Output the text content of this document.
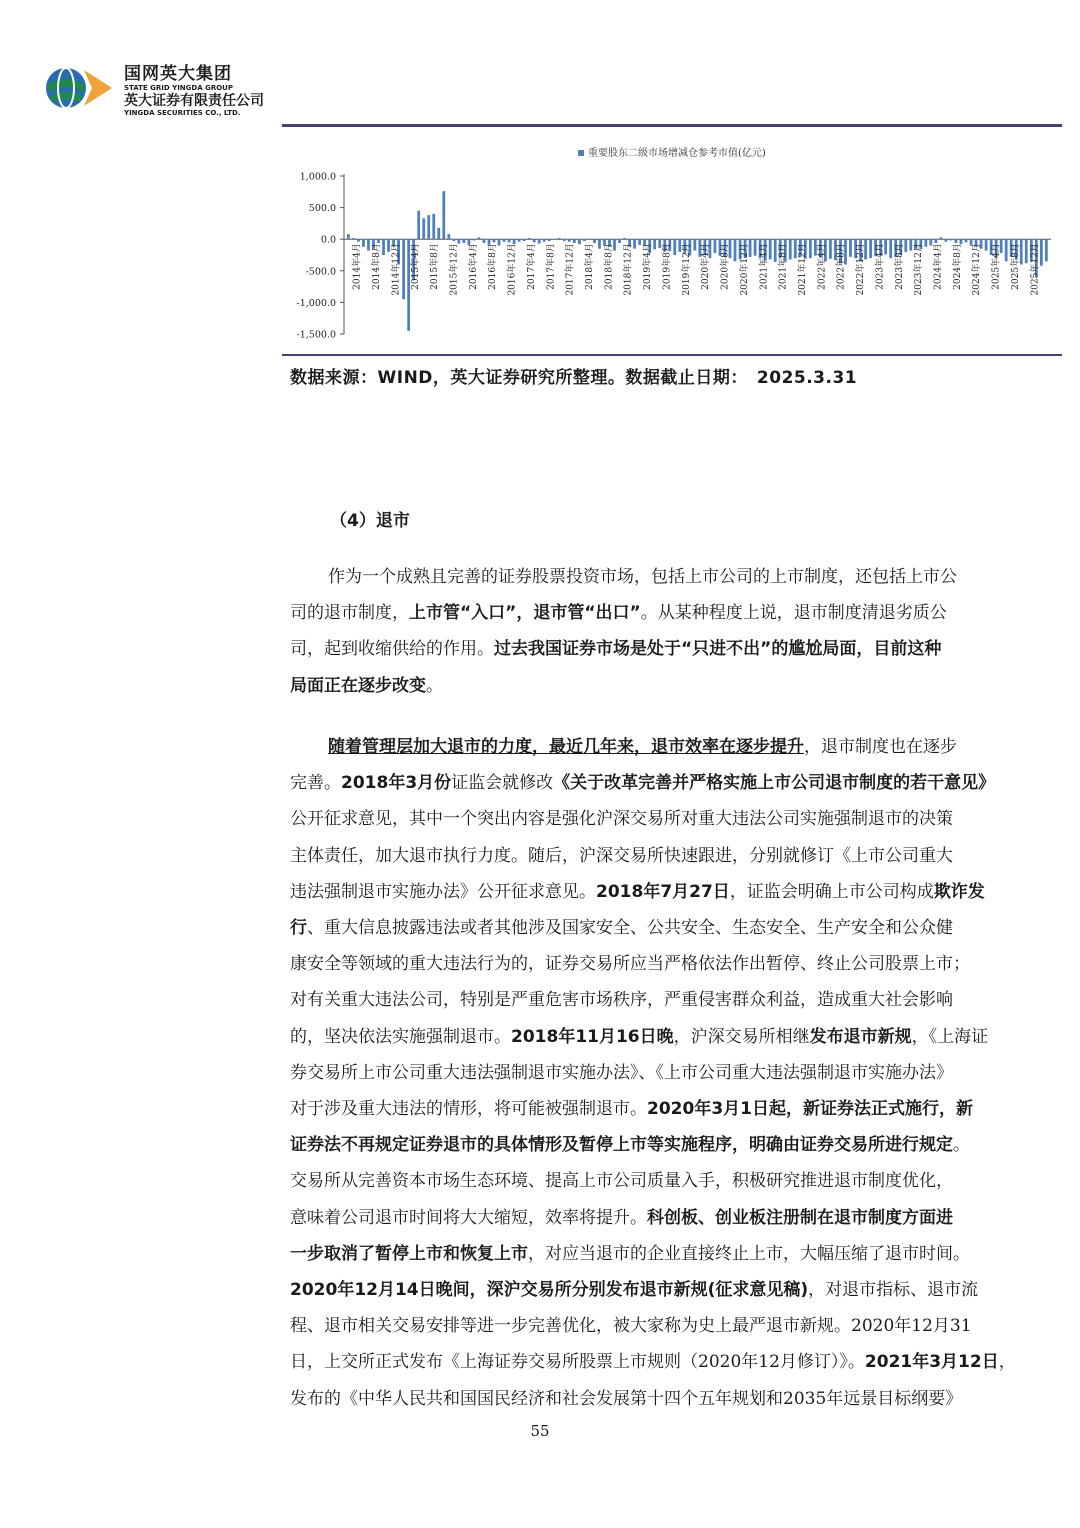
国网英大集团
STATE GRID YINGDA GROUP
英大证券有限责任公司
YINGDA SECURITIES CO., LTD.
重要股东二级市场增减仓参考市值(亿元)
1,000.0
500.0
0.0
-500.0
-1,000.0
-1,500.0
2014年4月 2014年8月 2014年12月 2015年4月 2015年8月 2015年12月 2016年4月 2016年8月 2016年12月 2017年4月 2017年8月 2017年12月 2018年4月 2018年8月 2018年12月 2019年4月 2019年8月 2019年12月 2020年4月 2020年8月 2020年12月 2021年4月 2021年8月 2021年12月 2022年4月 2022年8月 2022年12月 2023年4月 2023年8月 2023年12月 2024年4月 2024年8月 2024年12月 2025年4月 2025年8月 2025年12月
数据来源：WIND，英大证券研究所整理。数据截止日期：　2025.3.31
（4）退市
作为一个成熟且完善的证券股票投资市场，包括上市公司的上市制度，还包括上市公
司的退市制度，上市管“入口”，退市管“出口”。从某种程度上说，退市制度清退劣质公
司，起到收缩供给的作用。过去我国证券市场是处于“只进不出”的尴尬局面，目前这种
局面正在逐步改变。
随着管理层加大退市的力度，最近几年来，退市效率在逐步提升，退市制度也在逐步
完善。2018年3月份证监会就修改《关于改革完善并严格实施上市公司退市制度的若干意见》
公开征求意见，其中一个突出内容是强化沪深交易所对重大违法公司实施强制退市的决策
主体责任，加大退市执行力度。随后，沪深交易所快速跟进，分别就修订《上市公司重大
违法强制退市实施办法》公开征求意见。2018年7月27日，证监会明确上市公司构成欺诈发
行、重大信息披露违法或者其他涉及国家安全、公共安全、生态安全、生产安全和公众健
康安全等领域的重大违法行为的，证券交易所应当严格依法作出暂停、终止公司股票上市；
对有关重大违法公司，特别是严重危害市场秩序，严重侵害群众利益，造成重大社会影响
的，坚决依法实施强制退市。2018年11月16日晚，沪深交易所相继发布退市新规，《上海证
券交易所上市公司重大违法强制退市实施办法》、《上市公司重大违法强制退市实施办法》
对于涉及重大违法的情形，将可能被强制退市。2020年3月1日起，新证券法正式施行，新
证券法不再规定证券退市的具体情形及暂停上市等实施程序，明确由证券交易所进行规定。
交易所从完善资本市场生态环境、提高上市公司质量入手，积极研究推进退市制度优化，
意味着公司退市时间将大大缩短，效率将提升。科创板、创业板注册制在退市制度方面进
一步取消了暂停上市和恢复上市，对应当退市的企业直接终止上市，大幅压缩了退市时间。
2020年12月14日晚间，深沪交易所分别发布退市新规(征求意见稿)，对退市指标、退市流
程、退市相关交易安排等进一步完善优化，被大家称为史上最严退市新规。2020年12月31
日，上交所正式发布《上海证券交易所股票上市规则（2020年12月修订）》。2021年3月12日，
发布的《中华人民共和国国民经济和社会发展第十四个五年规划和2035年远景目标纲要》
55
